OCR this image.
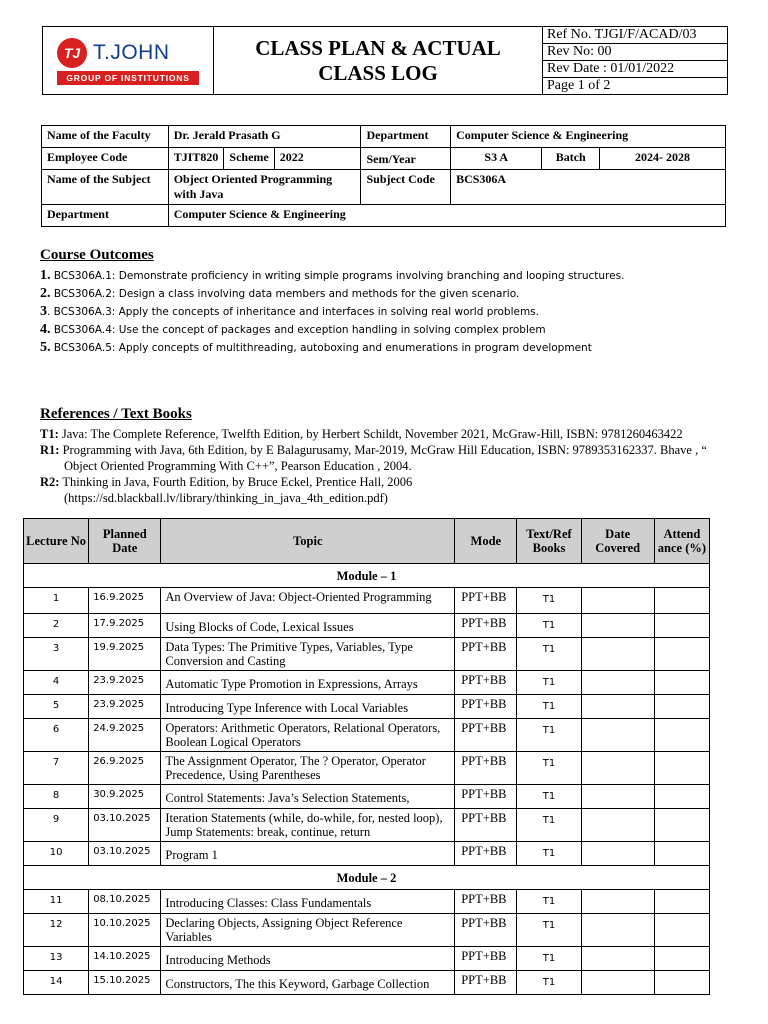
TJ T.JOHN
GROUP OF INSTITUTIONS

CLASS PLAN & ACTUAL
CLASS LOG
	Ref No. TJGI/F/ACAD/03
Rev No: 00
Rev Date : 01/01/2022
Page 1 of 2
Name of the Faculty	Dr. Jerald Prasath G			Department	Computer Science & Engineering		
Employee Code	TJIT820	Scheme	2022	Sem/Year	S3 A	Batch	2024- 2028
Name of the Subject	Object Oriented Programming with Java			Subject Code	BCS306A		
Department	Computer Science & Engineering						
Course Outcomes
1. BCS306A.1: Demonstrate proficiency in writing simple programs involving branching and looping structures.
2. BCS306A.2: Design a class involving data members and methods for the given scenario.
3. BCS306A.3: Apply the concepts of inheritance and interfaces in solving real world problems.
4. BCS306A.4: Use the concept of packages and exception handling in solving complex problem
5. BCS306A.5: Apply concepts of multithreading, autoboxing and enumerations in program development
References / Text Books

T1: Java: The Complete Reference, Twelfth Edition, by Herbert Schildt, November 2021, McGraw-Hill, ISBN: 9781260463422

R1: Programming with Java, 6th Edition, by E Balagurusamy, Mar-2019, McGraw Hill Education, ISBN: 9789353162337. Bhave , “

Object Oriented Programming With C++”, Pearson Education , 2004.

R2: Thinking in Java, Fourth Edition, by Bruce Eckel, Prentice Hall, 2006

(https://sd.blackball.lv/library/thinking_in_java_4th_edition.pdf)

Lecture No	Planned Date	Topic	Mode	Text/Ref Books	Date Covered	Attend ance (%)
Module – 1						
1	16.9.2025	An Overview of Java: Object-Oriented Programming	PPT+BB	T1		
2	17.9.2025	Using Blocks of Code, Lexical Issues	PPT+BB	T1		
3	19.9.2025	Data Types: The Primitive Types, Variables, Type Conversion and Casting	PPT+BB	T1		
4	23.9.2025	Automatic Type Promotion in Expressions, Arrays	PPT+BB	T1		
5	23.9.2025	Introducing Type Inference with Local Variables	PPT+BB	T1		
6	24.9.2025	Operators: Arithmetic Operators, Relational Operators, Boolean Logical Operators	PPT+BB	T1		
7	26.9.2025	The Assignment Operator, The ? Operator, Operator Precedence, Using Parentheses	PPT+BB	T1		
8	30.9.2025	Control Statements: Java’s Selection Statements,	PPT+BB	T1		
9	03.10.2025	Iteration Statements (while, do-while, for, nested loop), Jump Statements: break, continue, return	PPT+BB	T1		
10	03.10.2025	Program 1	PPT+BB	T1		
Module – 2						
11	08.10.2025	Introducing Classes: Class Fundamentals	PPT+BB	T1		
12	10.10.2025	Declaring Objects, Assigning Object Reference Variables	PPT+BB	T1		
13	14.10.2025	Introducing Methods	PPT+BB	T1		
14	15.10.2025	Constructors, The this Keyword, Garbage Collection	PPT+BB	T1		
